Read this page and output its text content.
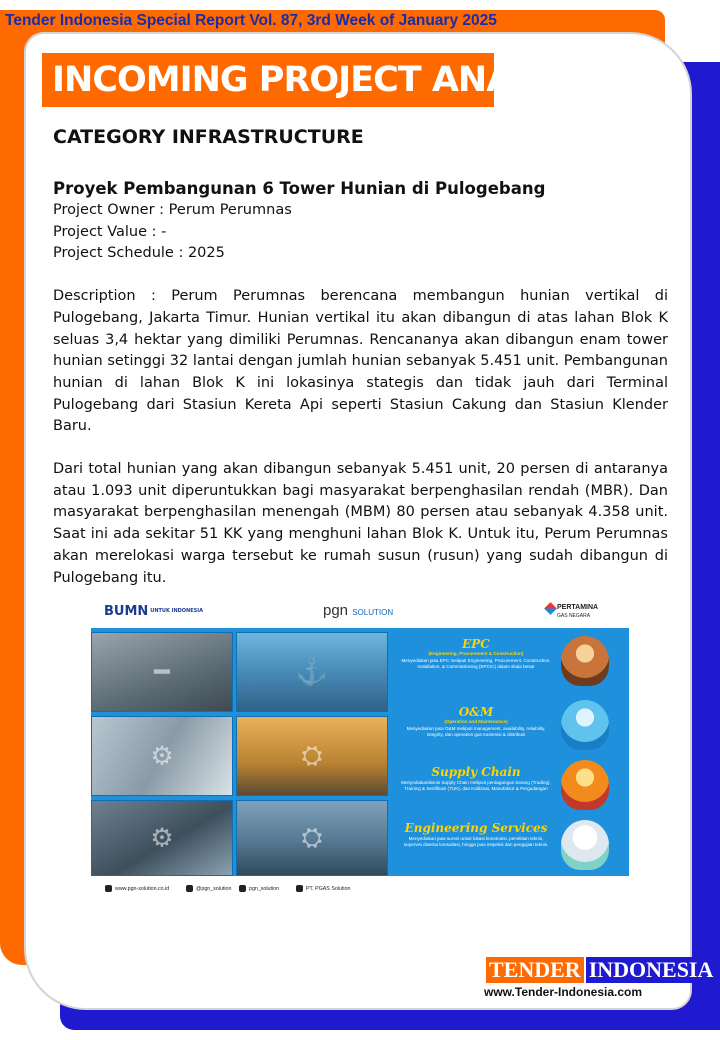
Tender Indonesia Special Report Vol. 87, 3rd Week of January 2025
INCOMING PROJECT ANALYTIC
CATEGORY INFRASTRUCTURE
Proyek Pembangunan 6 Tower Hunian di Pulogebang
Project Owner : Perum Perumnas
Project Value : -
Project Schedule : 2025

Description : Perum Perumnas berencana membangun hunian vertikal di Pulogebang, Jakarta Timur. Hunian vertikal itu akan dibangun di atas lahan Blok K seluas 3,4 hektar yang dimiliki Perumnas. Rencananya akan dibangun enam tower hunian setinggi 32 lantai dengan jumlah hunian sebanyak 5.451 unit. Pembangunan hunian di lahan Blok K ini lokasinya stategis dan tidak jauh dari Terminal Pulogebang dari Stasiun Kereta Api seperti Stasiun Cakung dan Stasiun Klender Baru.

Dari total hunian yang akan dibangun sebanyak 5.451 unit, 20 persen di antaranya atau 1.093 unit diperuntukkan bagi masyarakat berpenghasilan rendah (MBR). Dan masyarakat berpenghasilan menengah (MBM) 80 persen atau sebanyak 4.358 unit. Saat ini ada sekitar 51 KK yang menghuni lahan Blok K. Untuk itu, Perum Perumnas akan merelokasi warga tersebut ke rumah susun (rusun) yang sudah dibangun di Pulogebang itu.

BUMN UNTUK INDONESIA	pgn SOLUTION
PERTAMINA
GAS NEGARA
━	⚓
⚙	⛭
⚙	⛭
EPC
(Engineering, Procurement & Construction)
Menyediakan jasa EPC meliputi Engineering, Procurement, Construction, Installation, & Commissioning (EPCIC) dalam skala besar
O&M
(Operation and Maintenance)
Menyediakan jasa O&M meliputi management, availability, reliability, integrity, dan operation gas transmisi & distribusi
Supply Chain
Menyediakanbisnis Supply Chain meliputi perdagangan barang (Trading), Training & Sertifikasi (TUK), dan Kalibrasi, Manufaktur & Pergudangan
Engineering Services
Menyediakan jasa survei untuk lokasi konstruksi, penelitian teknis, supervisi disertai konsultasi, hingga jasa inspeksi dan pengujian teknis.
www.pgn-solution.co.id	@pgn_solution	pgn_solution	PT. PGAS Solution
TENDER INDONESIA
www.Tender-Indonesia.com
